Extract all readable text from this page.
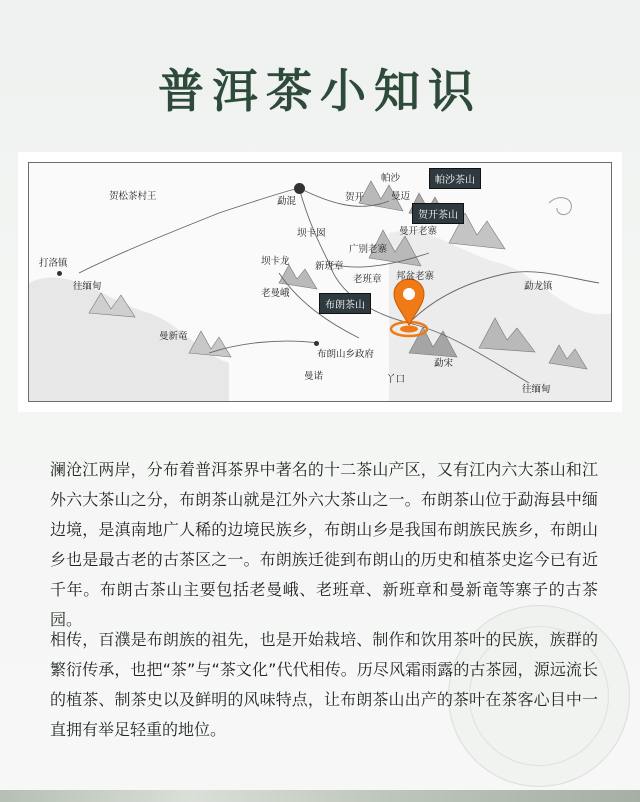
普洱茶小知识
贺松茶村王	勐混	贺开
帕沙	帕沙茶山
曼迈
贺开茶山
坝卡囡
广别老寨
曼开老寨
坝卡龙	新班章
老班章 邦盆老寨
打洛镇
往缅甸
老曼峨
布朗茶山
勐龙镇
曼新竜
布朗山乡政府
勐宋
曼诺	丫口
往缅甸

澜沧江两岸，分布着普洱茶界中著名的十二茶山产区，又有江内六大茶山和江外六大茶山之分，布朗茶山就是江外六大茶山之一。布朗茶山位于勐海县中缅边境，是滇南地广人稀的边境民族乡，布朗山乡是我国布朗族民族乡，布朗山乡也是最古老的古茶区之一。布朗族迁徙到布朗山的历史和植茶史迄今已有近千年。布朗古茶山主要包括老曼峨、老班章、新班章和曼新竜等寨子的古茶园。

相传，百濮是布朗族的祖先，也是开始栽培、制作和饮用茶叶的民族，族群的繁衍传承，也把“茶”与“茶文化”代代相传。历尽风霜雨露的古茶园，源远流长的植茶、制茶史以及鲜明的风味特点，让布朗茶山出产的茶叶在茶客心目中一直拥有举足轻重的地位。
